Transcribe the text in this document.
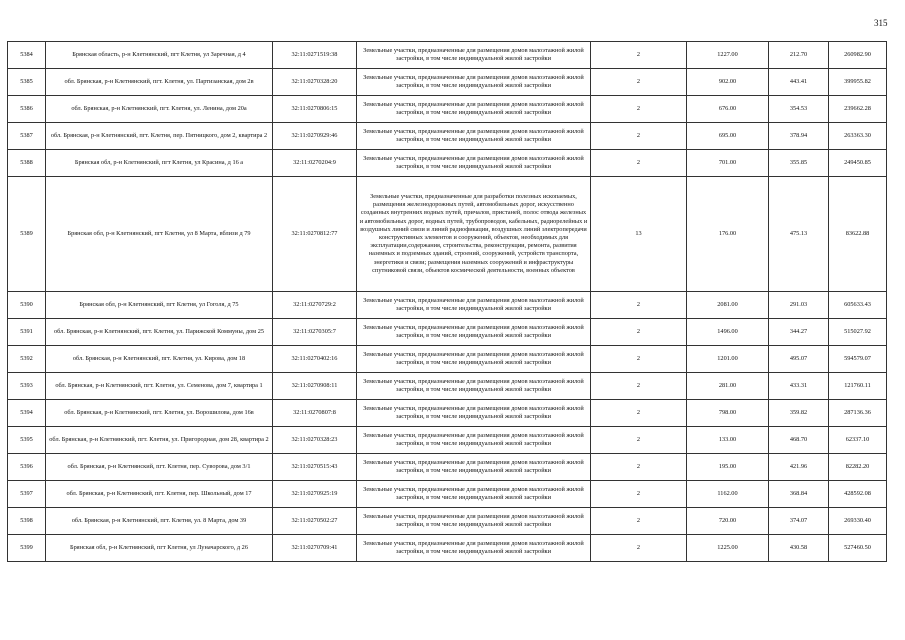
315
5384	Брянская область, р-н Клетнянский, пгт Клетня, ул Заречная, д 4	32:11:0271519:38	Земельные участки, предназначенные для размещения домов малоэтажной жилой застройки, в том числе индивидуальной жилой застройки	2	1227.00	212.70	260982.90
5385	обл. Брянская, р-н Клетнянский, пгт. Клетня, ул. Партизанская, дом 2в	32:11:0270328:20	Земельные участки, предназначенные для размещения домов малоэтажной жилой застройки, в том числе индивидуальной жилой застройки	2	902.00	443.41	399955.82
5386	обл. Брянская, р-н Клетнянский, пгт. Клетня, ул. Ленина, дом 20а	32:11:0270806:15	Земельные участки, предназначенные для размещения домов малоэтажной жилой застройки, в том числе индивидуальной жилой застройки	2	676.00	354.53	239662.28
5387	обл. Брянская, р-н Клетнянский, пгт. Клетня, пер. Пятницкого, дом 2, квартира 2	32:11:0270929:46	Земельные участки, предназначенные для размещения домов малоэтажной жилой застройки, в том числе индивидуальной жилой застройки	2	695.00	378.94	263363.30
5388	Брянская обл, р-н Клетнянский, пгт Клетня, ул Красина, д 16 а	32:11:0270204:9	Земельные участки, предназначенные для размещения домов малоэтажной жилой застройки, в том числе индивидуальной жилой застройки	2	701.00	355.85	249450.85
5389	Брянская обл, р-н Клетнянский, пгт Клетня, ул 8 Марта, вблизи д 79	32:11:0270812:77	Земельные участки, предназначенные для разработки полезных ископаемых, размещения железнодорожных путей, автомобильных дорог, искусственно созданных внутренних водных путей, причалов, пристаней, полос отвода железных и автомобильных дорог, водных путей, трубопроводов, кабельных, радиорелейных и воздушных линий связи и линий радиофикации, воздушных линий электропередачи конструктивных элементов и сооружений, объектов, необходимых для эксплуатации,содержания, строительства, реконструкции, ремонта, развития наземных и подземных зданий, строений, сооружений, устройств транспорта, энергетики и связи; размещения наземных сооружений и инфраструктуры спутниковой связи, объектов космической деятельности, военных объектов	13	176.00	475.13	83622.88
5390	Брянская обл, р-н Клетнянский, пгт Клетня, ул Гоголя, д 75	32:11:0270729:2	Земельные участки, предназначенные для размещения домов малоэтажной жилой застройки, в том числе индивидуальной жилой застройки	2	2081.00	291.03	605633.43
5391	обл. Брянская, р-н Клетнянский, пгт. Клетня, ул. Парижской Коммуны, дом 25	32:11:0270305:7	Земельные участки, предназначенные для размещения домов малоэтажной жилой застройки, в том числе индивидуальной жилой застройки	2	1496.00	344.27	515027.92
5392	обл. Брянская, р-н Клетнянский, пгт. Клетня, ул. Кирова, дом 18	32:11:0270402:16	Земельные участки, предназначенные для размещения домов малоэтажной жилой застройки, в том числе индивидуальной жилой застройки	2	1201.00	495.07	594579.07
5393	обл. Брянская, р-н Клетнянский, пгт. Клетня, ул. Семенова, дом 7, квартира 1	32:11:0270908:11	Земельные участки, предназначенные для размещения домов малоэтажной жилой застройки, в том числе индивидуальной жилой застройки	2	281.00	433.31	121760.11
5394	обл. Брянская, р-н Клетнянский, пгт. Клетня, ул. Ворошилова, дом 16в	32:11:0270807:8	Земельные участки, предназначенные для размещения домов малоэтажной жилой застройки, в том числе индивидуальной жилой застройки	2	798.00	359.82	287136.36
5395	обл. Брянская, р-н Клетнянский, пгт. Клетня, ул. Пригородная, дом 28, квартира 2	32:11:0270328:23	Земельные участки, предназначенные для размещения домов малоэтажной жилой застройки, в том числе индивидуальной жилой застройки	2	133.00	468.70	62337.10
5396	обл. Брянская, р-н Клетнянский, пгт. Клетня, пер. Суворова, дом 3/1	32:11:0270515:43	Земельные участки, предназначенные для размещения домов малоэтажной жилой застройки, в том числе индивидуальной жилой застройки	2	195.00	421.96	82282.20
5397	обл. Брянская, р-н Клетнянский, пгт. Клетня, пер. Школьный, дом 17	32:11:0270925:19	Земельные участки, предназначенные для размещения домов малоэтажной жилой застройки, в том числе индивидуальной жилой застройки	2	1162.00	368.84	428592.08
5398	обл. Брянская, р-н Клетнянский, пгт. Клетня, ул. 8 Марта, дом 39	32:11:0270502:27	Земельные участки, предназначенные для размещения домов малоэтажной жилой застройки, в том числе индивидуальной жилой застройки	2	720.00	374.07	269330.40
5399	Брянская обл, р-н Клетнянский, пгт Клетня, ул Луначарского, д 26	32:11:0270709:41	Земельные участки, предназначенные для размещения домов малоэтажной жилой застройки, в том числе индивидуальной жилой застройки	2	1225.00	430.58	527460.50
